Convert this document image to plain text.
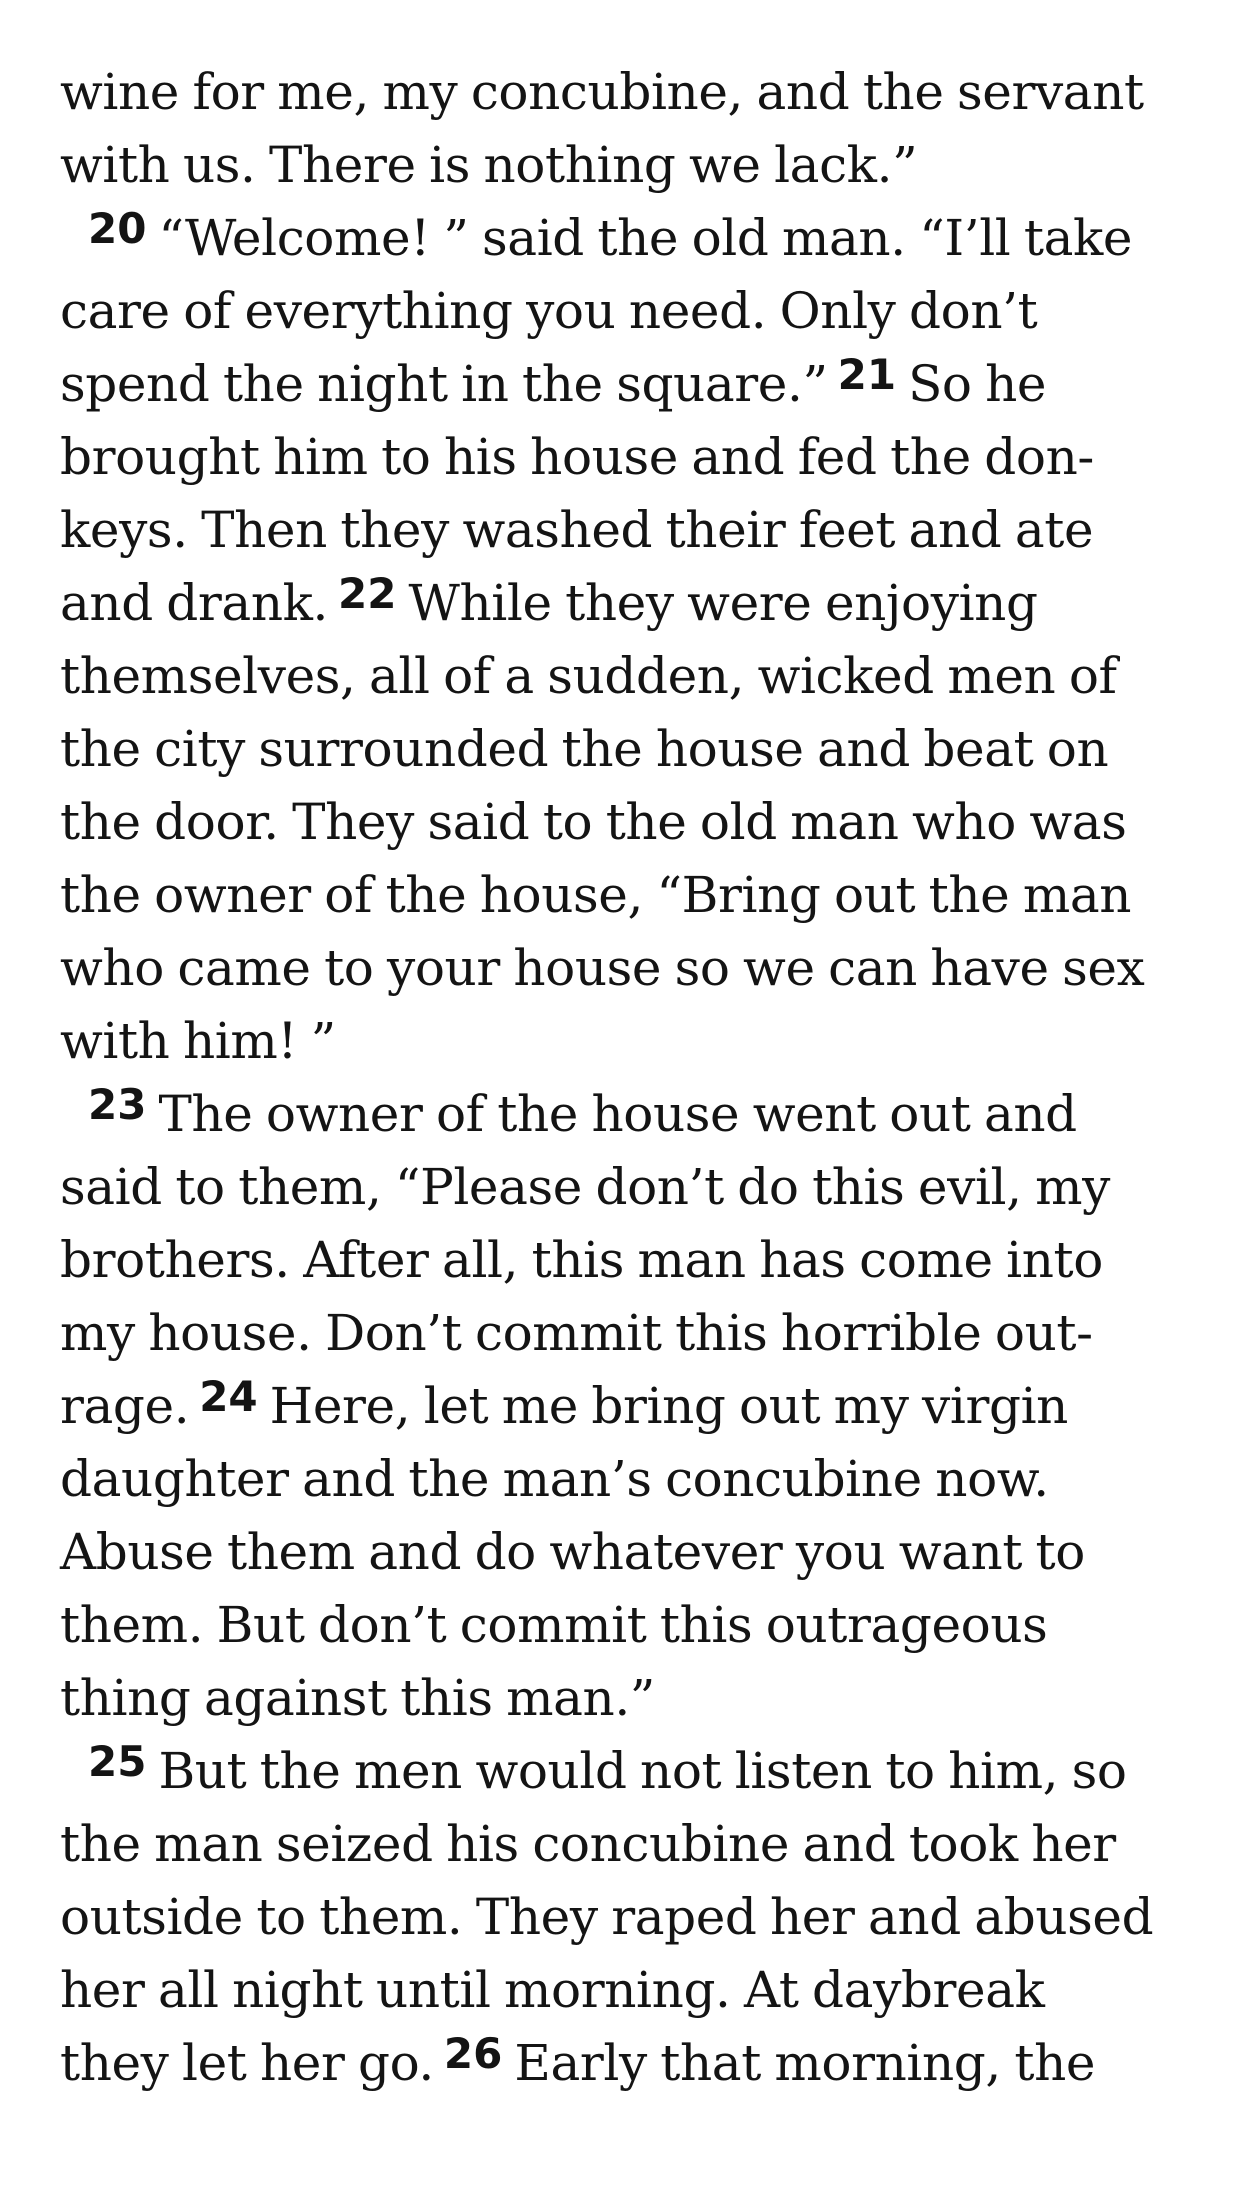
wine for me, my concubine, and the servant
with us. There is nothing we lack.”
$^{20}$ “Welcome! ” said the old man. “I’ll take
care of everything you need. Only don’t
spend the night in the square.” $^{21}$ So he
brought him to his house and fed the don-
keys. Then they washed their feet and ate
and drank. $^{22}$ While they were enjoying
themselves, all of a sudden, wicked men of
the city surrounded the house and beat on
the door. They said to the old man who was
the owner of the house, “Bring out the man
who came to your house so we can have sex
with him! ”
$^{23}$ The owner of the house went out and
said to them, “Please don’t do this evil, my
brothers. After all, this man has come into
my house. Don’t commit this horrible out-
rage. $^{24}$ Here, let me bring out my virgin
daughter and the man’s concubine now.
Abuse them and do whatever you want to
them. But don’t commit this outrageous
thing against this man.”
$^{25}$ But the men would not listen to him, so
the man seized his concubine and took her
outside to them. They raped her and abused
her all night until morning. At daybreak
they let her go. $^{26}$ Early that morning, the
